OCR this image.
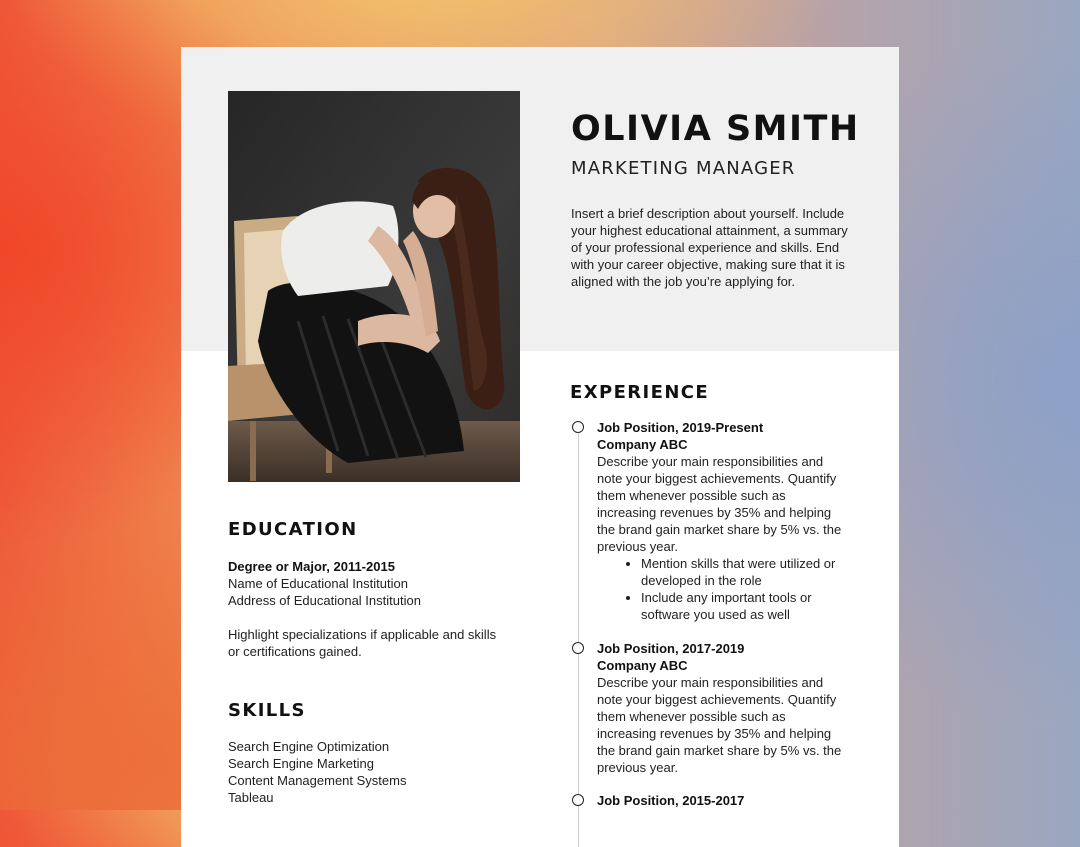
OLIVIA SMITH
MARKETING MANAGER
Insert a brief description about yourself. Include your highest educational attainment, a summary of your professional experience and skills. End with your career objective, making sure that it is aligned with the job you’re applying for.
EDUCATION
Degree or Major, 2011-2015
Name of Educational Institution
Address of Educational Institution
Highlight specializations if applicable and skills
or certifications gained.
SKILLS
Search Engine Optimization
Search Engine Marketing
Content Management Systems
Tableau
EXPERIENCE
Job Position, 2019-Present
Company ABC
Describe your main responsibilities and note your biggest achievements. Quantify them whenever possible such as increasing revenues by 35% and helping the brand gain market share by 5% vs. the previous year.
• Mention skills that were utilized or developed in the role
• Include any important tools or software you used as well
Job Position, 2017-2019
Company ABC
Describe your main responsibilities and note your biggest achievements. Quantify them whenever possible such as increasing revenues by 35% and helping the brand gain market share by 5% vs. the previous year.
Job Position, 2015-2017
